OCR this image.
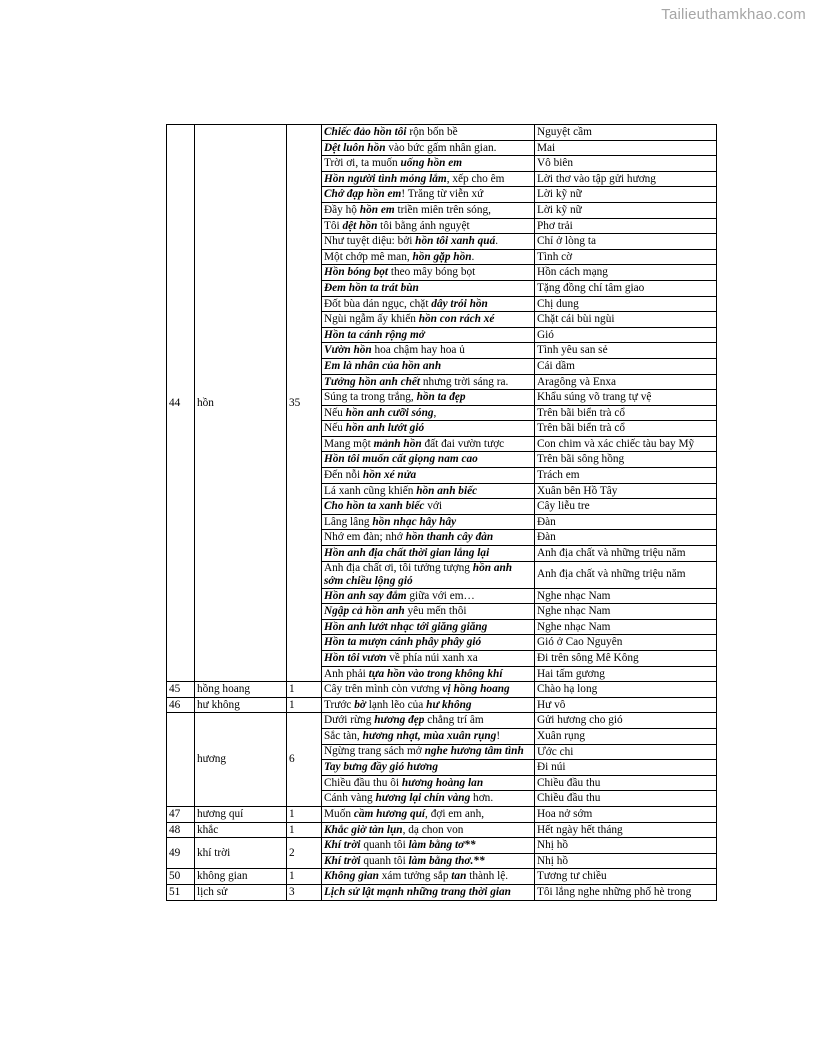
Tailieuthamkhao.com
44	hồn	35	Chiếc đảo hồn tôi rộn bốn bề	Nguyệt cầm
			Dệt luôn hồn vào bức gấm nhân gian.	Mai
			Trời ơi, ta muốn uống hồn em	Vô biên
			Hồn người tình mỏng lắm, xếp cho êm	Lời thơ vào tập gửi hương
			Chớ đạp hồn em! Trăng từ viễn xứ	Lời kỹ nữ
			Đầy hộ hồn em triền miên trên sóng,	Lời kỹ nữ
			Tôi dệt hồn tôi bằng ánh nguyệt	Phơ trải
			Như tuyệt diệu: bởi hồn tôi xanh quá.	Chỉ ở lòng ta
			Một chớp mê man, hồn gặp hồn.	Tình cờ
			Hồn bóng bọt theo mây bóng bọt	Hồn cách mạng
			Đem hồn ta trát bùn	Tặng đồng chí tâm giao
			Đốt bùa dán ngục, chặt dây trói hồn	Chị dung
			Ngùi ngẫm ấy khiến hồn con rách xé	Chặt cái bùi ngùi
			Hồn ta cánh rộng mở	Gió
			Vườn hồn hoa chậm hay hoa ủ	Tình yêu san sẻ
			Em là nhân của hồn anh	Cái dầm
			Tưởng hồn anh chết nhưng trời sáng ra.	Aragông và Enxa
			Súng ta trong trắng, hồn ta đẹp	Khẩu súng võ trang tự vệ
			Nếu hồn anh cưỡi sóng,	Trên bãi biển trà cổ
			Nếu hồn anh lướt gió	Trên bãi biển trà cổ
			Mang một mảnh hồn đất đai vườn tược	Con chim và xác chiếc tàu bay Mỹ
			Hồn tôi muốn cất giọng nam cao	Trên bãi sông hồng
			Đến nỗi hồn xé nửa	Trách em
			Lá xanh cũng khiến hồn anh biếc	Xuân bên Hồ Tây
			Cho hồn ta xanh biếc với	Cây liễu tre
			Lâng lâng hồn nhạc hây hây	Đàn
			Nhớ em đàn; nhớ hồn thanh cây đàn	Đàn
			Hồn anh địa chất thời gian lắng lại	Anh địa chất và những triệu năm
			Anh địa chất ơi, tôi tưởng tượng hồn anh sớm chiều lộng gió	Anh địa chất và những triệu năm
			Hồn anh say đắm giữa với em…	Nghe nhạc Nam
			Ngập cả hồn anh yêu mến thôi	Nghe nhạc Nam
			Hồn anh lướt nhạc tới giăng giăng	Nghe nhạc Nam
			Hồn ta mượn cánh phây phây gió	Gió ở Cao Nguyên
			Hồn tôi vươn về phía núi xanh xa	Đi trên sông Mê Kông
			Anh phải tựa hồn vào trong không khí	Hai tấm gương
45	hồng hoang	1	Cây trên mình còn vương vị hồng hoang	Chào hạ long
46	hư không	1	Trước bờ lạnh lẽo của hư không	Hư vô
	hương	6	Dưới rừng hương đẹp chẳng trí âm	Gửi hương cho gió
			Sắc tàn, hương nhạt, mùa xuân rụng!	Xuân rụng
			Ngừng trang sách mở nghe hương tâm tình	Ước chi
			Tay bưng đầy gió hương	Đi núi
			Chiều đầu thu ôi hương hoàng lan	Chiều đầu thu
			Cánh vàng hương lại chín vàng hơn.	Chiều đầu thu
47	hương quí	1	Muốn cầm hương quí, đợi em anh,	Hoa nở sớm
48	khắc	1	Khắc giờ tàn lụn, dạ chon von	Hết ngày hết tháng
49	khí trời	2	Khí trời quanh tôi làm bằng tơ**	Nhị hồ
			Khí trời quanh tôi làm bằng thơ.**	Nhị hồ
50	không gian	1	Không gian xám tưởng sắp tan thành lệ.	Tương tư chiều
51	lịch sử	3	Lịch sử lật mạnh những trang thời gian	Tôi lắng nghe những phố hè trong
